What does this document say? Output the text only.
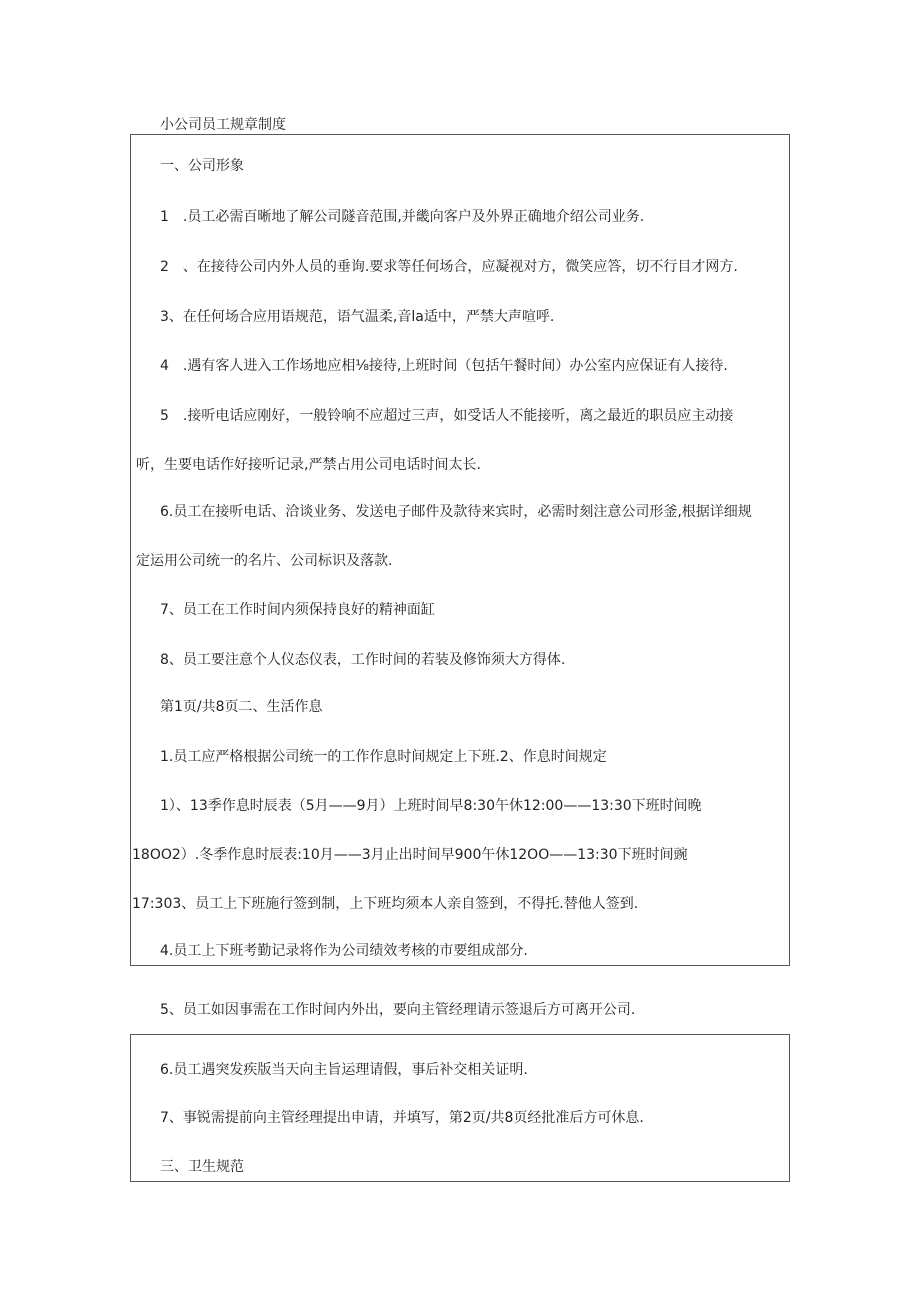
小公司员工规章制度
一、公司形象
1　.员工必需百晰地了解公司隧音范围,并畿向客户及外界正确地介绍公司业务.
2　、在接待公司内外人员的垂询.要求等任何场合，应凝视对方，微笑应答，切不行目才网方.
3、在任何场合应用语规范，语气温柔,音la适中，严禁大声喧呼.
4　.遇有客人进入工作场地应相⅛接待,上班时间（包括午餐时间）办公室内应保证有人接待.
5　.接听电话应刚好，一般铃响不应超过三声，如受话人不能接听，离之最近的职员应主动接
听，生要电话作好接听记录,严禁占用公司电话时间太长.
6.员工在接听电话、洽谈业务、发送电子邮件及款待来宾时，必需时刻注意公司形釜,根据详细规
定运用公司统一的名片、公司标识及落款.
7、员工在工作时间内须保持良好的精神面缸
8、员工要注意个人仪态仪表，工作时间的若装及修饰须大方得体.
第1页/共8页二、生活作息
1.员工应严格根据公司统一的工作作息时间规定上下班.2、作息时间规定
1）、13季作息时辰表（5月——9月）上班时间早8:30午休12:00——13:30下班时间晚
18OO2）.冬季作息时辰表:10月——3月止出时间早900午休12OO——13:30下班时间豌
17:303、员工上下班施行签到制，上下班均须本人亲自签到，不得托.替他人签到.
4.员工上下班考勤记录将作为公司绩效考核的市要组成部分.
5、员工如因事需在工作时间内外出，要向主管经理请示签退后方可离开公司.
6.员工遇突发疾版当天向主旨运理请假，事后补交相关证明.
7、事锐需提前向主管经理提出申请，并填写，第2页/共8页经批准后方可休息.
三、卫生规范
